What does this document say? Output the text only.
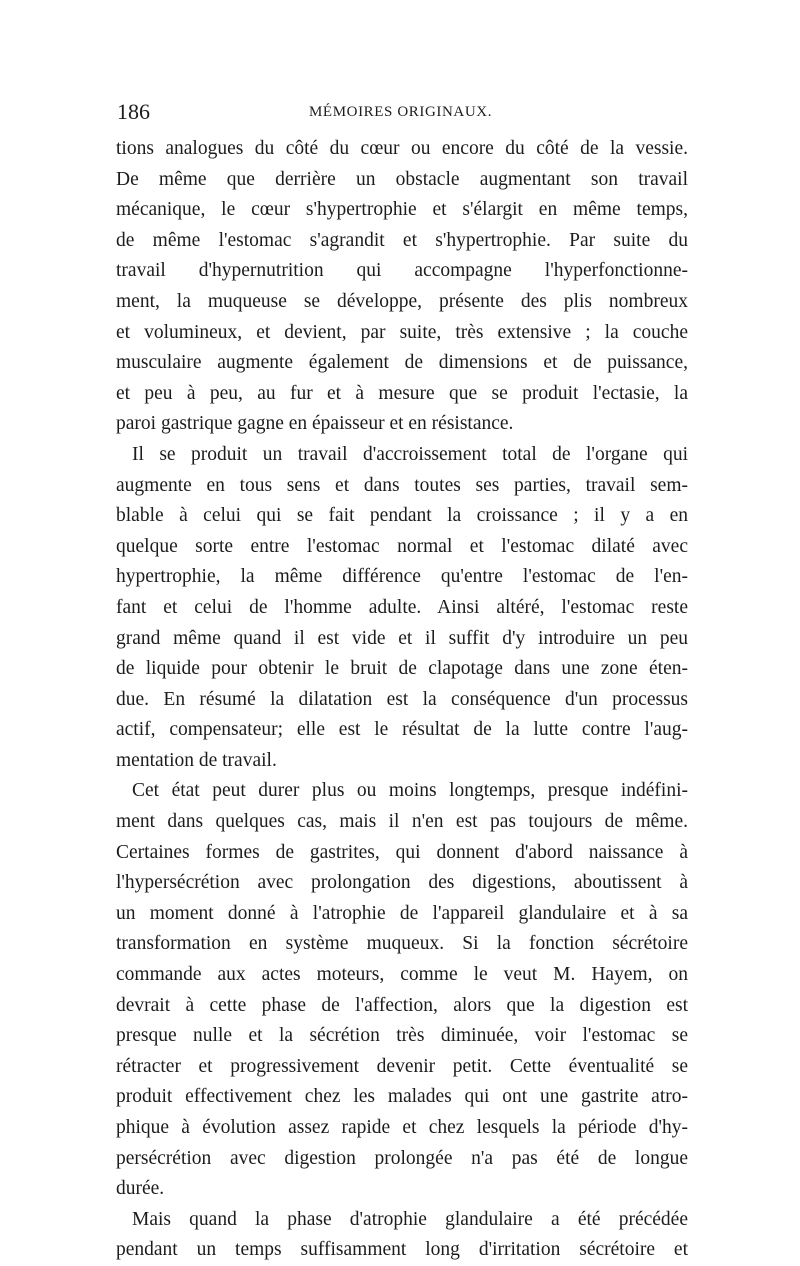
186	MÉMOIRES ORIGINAUX.
tions analogues du côté du cœur ou encore du côté de la vessie.
De même que derrière un obstacle augmentant son travail
mécanique, le cœur s'hypertrophie et s'élargit en même temps,
de même l'estomac s'agrandit et s'hypertrophie. Par suite du
travail d'hypernutrition qui accompagne l'hyperfonctionne-
ment, la muqueuse se développe, présente des plis nombreux
et volumineux, et devient, par suite, très extensive ; la couche
musculaire augmente également de dimensions et de puissance,
et peu à peu, au fur et à mesure que se produit l'ectasie, la
paroi gastrique gagne en épaisseur et en résistance.
Il se produit un travail d'accroissement total de l'organe qui
augmente en tous sens et dans toutes ses parties, travail sem-
blable à celui qui se fait pendant la croissance ; il y a en
quelque sorte entre l'estomac normal et l'estomac dilaté avec
hypertrophie, la même différence qu'entre l'estomac de l'en-
fant et celui de l'homme adulte. Ainsi altéré, l'estomac reste
grand même quand il est vide et il suffit d'y introduire un peu
de liquide pour obtenir le bruit de clapotage dans une zone éten-
due. En résumé la dilatation est la conséquence d'un processus
actif, compensateur; elle est le résultat de la lutte contre l'aug-
mentation de travail.
Cet état peut durer plus ou moins longtemps, presque indéfini-
ment dans quelques cas, mais il n'en est pas toujours de même.
Certaines formes de gastrites, qui donnent d'abord naissance à
l'hypersécrétion avec prolongation des digestions, aboutissent à
un moment donné à l'atrophie de l'appareil glandulaire et à sa
transformation en système muqueux. Si la fonction sécrétoire
commande aux actes moteurs, comme le veut M. Hayem, on
devrait à cette phase de l'affection, alors que la digestion est
presque nulle et la sécrétion très diminuée, voir l'estomac se
rétracter et progressivement devenir petit. Cette éventualité se
produit effectivement chez les malades qui ont une gastrite atro-
phique à évolution assez rapide et chez lesquels la période d'hy-
persécrétion avec digestion prolongée n'a pas été de longue
durée.
Mais quand la phase d'atrophie glandulaire a été précédée
pendant un temps suffisamment long d'irritation sécrétoire et
